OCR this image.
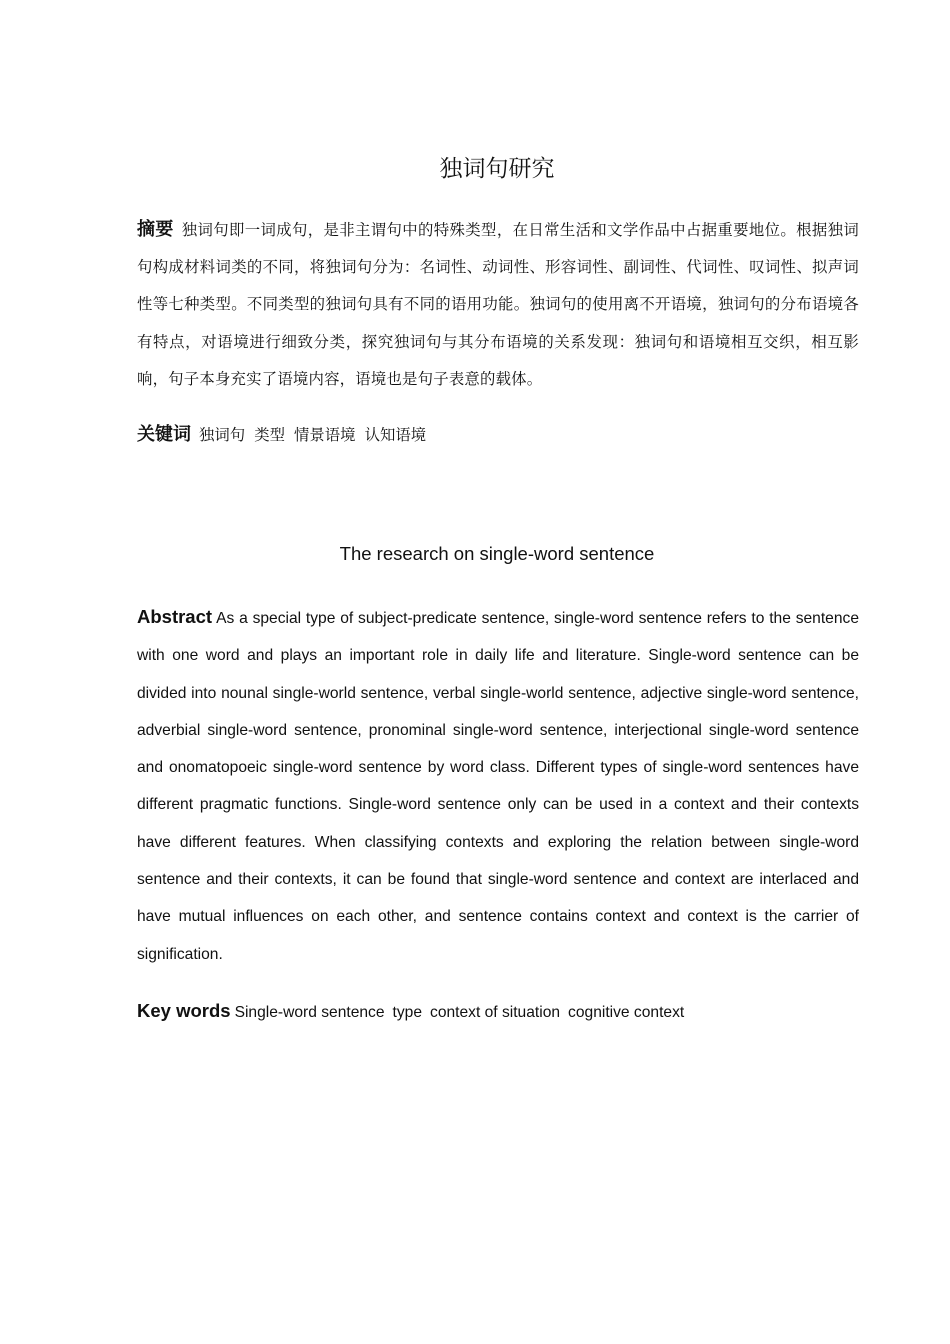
独词句研究

摘要 独词句即一词成句，是非主谓句中的特殊类型，在日常生活和文学作品中占据重要地位。根据独词句构成材料词类的不同，将独词句分为：名词性、动词性、形容词性、副词性、代词性、叹词性、拟声词性等七种类型。不同类型的独词句具有不同的语用功能。独词句的使用离不开语境，独词句的分布语境各有特点，对语境进行细致分类，探究独词句与其分布语境的关系发现：独词句和语境相互交织，相互影响，句子本身充实了语境内容，语境也是句子表意的载体。

关键词 独词句 类型 情景语境 认知语境

The research on single-word sentence

Abstract As a special type of subject-predicate sentence, single-word sentence refers to the sentence with one word and plays an important role in daily life and literature. Single-word sentence can be divided into nounal single-world sentence, verbal single-world sentence, adjective single-word sentence, adverbial single-word sentence, pronominal single-word sentence, interjectional single-word sentence and onomatopoeic single-word sentence by word class. Different types of single-word sentences have different pragmatic functions. Single-word sentence only can be used in a context and their contexts have different features. When classifying contexts and exploring the relation between single-word sentence and their contexts, it can be found that single-word sentence and context are interlaced and have mutual influences on each other, and sentence contains context and context is the carrier of signification.

Key words Single-word sentence type context of situation cognitive context
